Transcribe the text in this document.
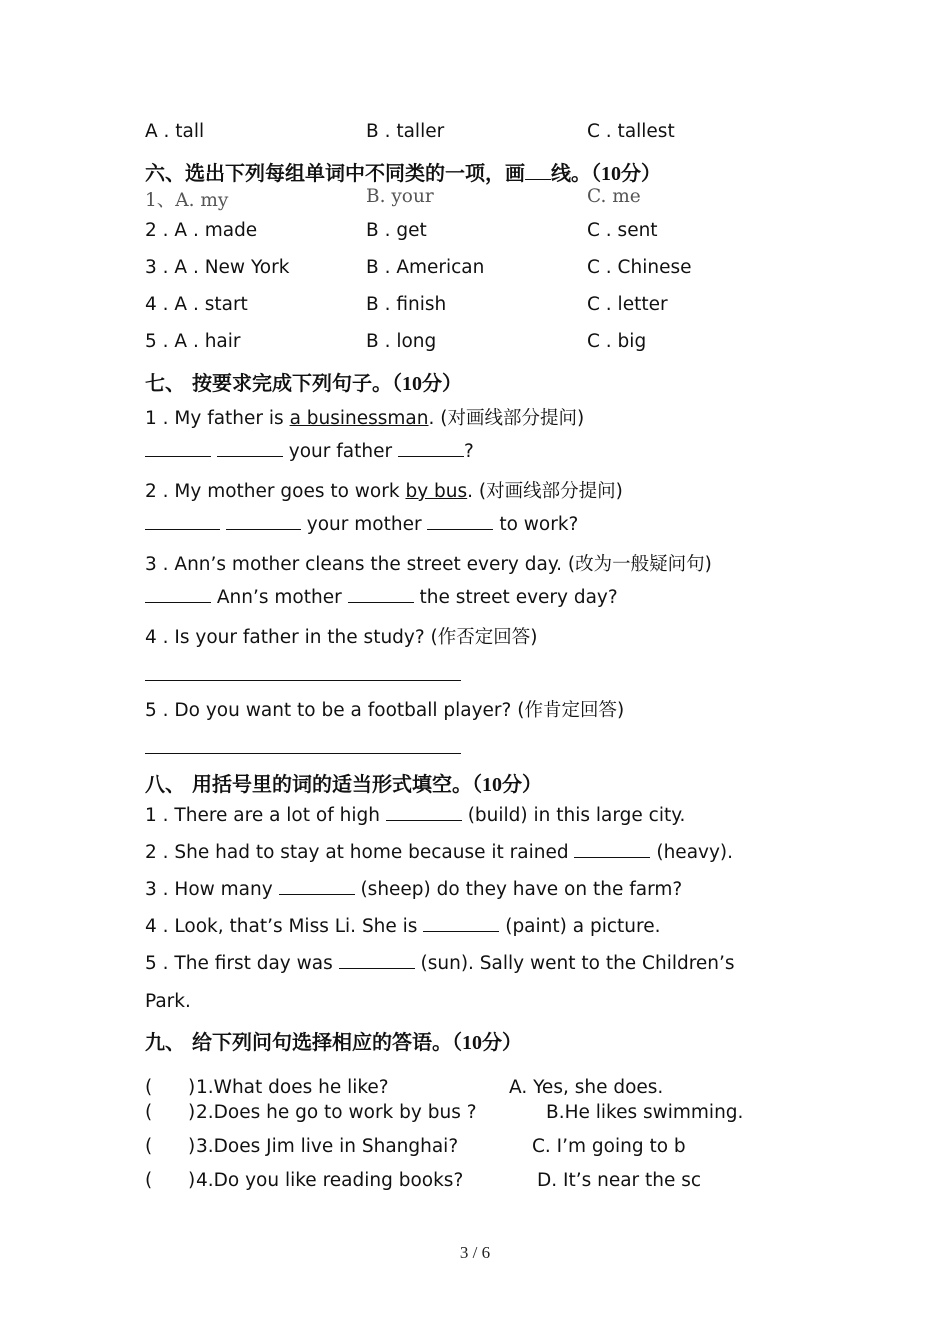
A . tall	B . taller	C . tallest
六、选出下列每组单词中不同类的一项，画 线。（10分）
1、A. my	B. your	C. me
2 . A . made	B . get	C . sent
3 . A . New York	B . American	C . Chinese
4 . A . start	B . finish	C . letter
5 . A . hair	B . long	C . big
七、 按要求完成下列句子。（10分）
1 . My father is a businessman. (对画线部分提问)
your father	?
2 . My mother goes to work by bus. (对画线部分提问)
your mother	to work?
3 . Ann’s mother cleans the street every day. (改为一般疑问句)
Ann’s mother	the street every day?
4 . Is your father in the study? (作否定回答)
5 . Do you want to be a football player? (作肯定回答)
八、 用括号里的词的适当形式填空。（10分）
1 . There are a lot of high	(build) in this large city.
2 . She had to stay at home because it rained	(heavy).
3 . How many	(sheep) do they have on the farm?
4 . Look, that’s Miss Li. She is	(paint) a picture.
5 . The first day was	(sun). Sally went to the Children’s
Park.
九、 给下列问句选择相应的答语。（10分）
( ) 1.What does he like?	A. Yes, she does.
( ) 2.Does he go to work by bus ?	B.He likes swimming.
( ) 3.Does Jim live in Shanghai?	C. I’m going to b
( ) 4.Do you like reading books?	D. It’s near the sc
3 / 6
